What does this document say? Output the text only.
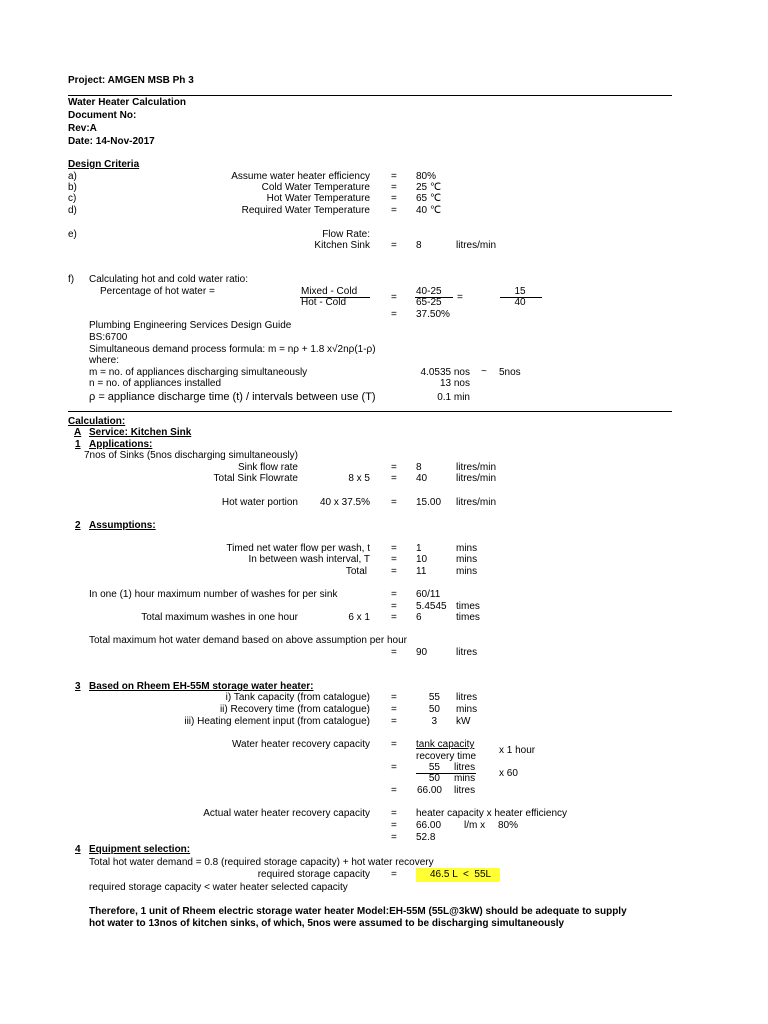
Project: AMGEN MSB Ph 3
Water Heater Calculation
Document No:
Rev:A
Date: 14-Nov-2017
Design Criteria
a)	Assume water heater efficiency = 80%
b)	Cold Water Temperature = 25 ℃
c)	Hot Water Temperature = 65 ℃
d)	Required Water Temperature = 40 ℃
e)	Flow Rate:
Kitchen Sink = 8	litres/min
f) Calculating hot and cold water ratio:
Percentage of hot water =	Mixed - Cold
Hot - Cold	=
40-25
65-25 =
15
40
= 37.50%
Plumbing Engineering Services Design Guide
BS:6700
Simultaneous demand process formula: m = nρ + 1.8 x√2nρ(1-ρ)
where:
m = no. of appliances discharging simultaneously	4.0535 nos ~ 5nos
n = no. of appliances installed	13 nos
ρ = appliance discharge time (t) / intervals between use (T)	0.1 min
Calculation:
A Service: Kitchen Sink
1 Applications:
7nos of Sinks (5nos discharging simultaneously)
Sink flow rate	= 8	litres/min
Total Sink Flowrate	8 x 5 = 40	litres/min
Hot water portion	40 x 37.5% = 15.00 litres/min
2 Assumptions:
Timed net water flow per wash, t = 1	mins
In between wash interval, T = 10	mins
Total = 11	mins
In one (1) hour maximum number of washes for per sink	= 60/11
= 5.4545 times
Total maximum washes in one hour	6 x 1 = 6	times
Total maximum hot water demand based on above assumption per hour
= 90	litres
3 Based on Rheem EH-55M storage water heater:
i) Tank capacity (from catalogue) =	55 litres
ii) Recovery time (from catalogue) =	50 mins
iii) Heating element input (from catalogue) =	3 kW
Water heater recovery capacity = tank capacity
recovery time
x 1 hour
=	55 litres
50 mins x 60
=	66.00 litres
Actual water heater recovery capacity = heater capacity x heater efficiency
= 66.00 l/m x 80%
= 52.8
4 Equipment selection:
Total hot water demand = 0.8 (required storage capacity) + hot water recovery
required storage capacity =	46.5 L  <  55L
required storage capacity < water heater selected capacity
Therefore, 1 unit of Rheem electric storage water heater Model:EH-55M (55L@3kW) should be adequate to supply
hot water to 13nos of kitchen sinks, of which, 5nos were assumed to be discharging simultaneously
